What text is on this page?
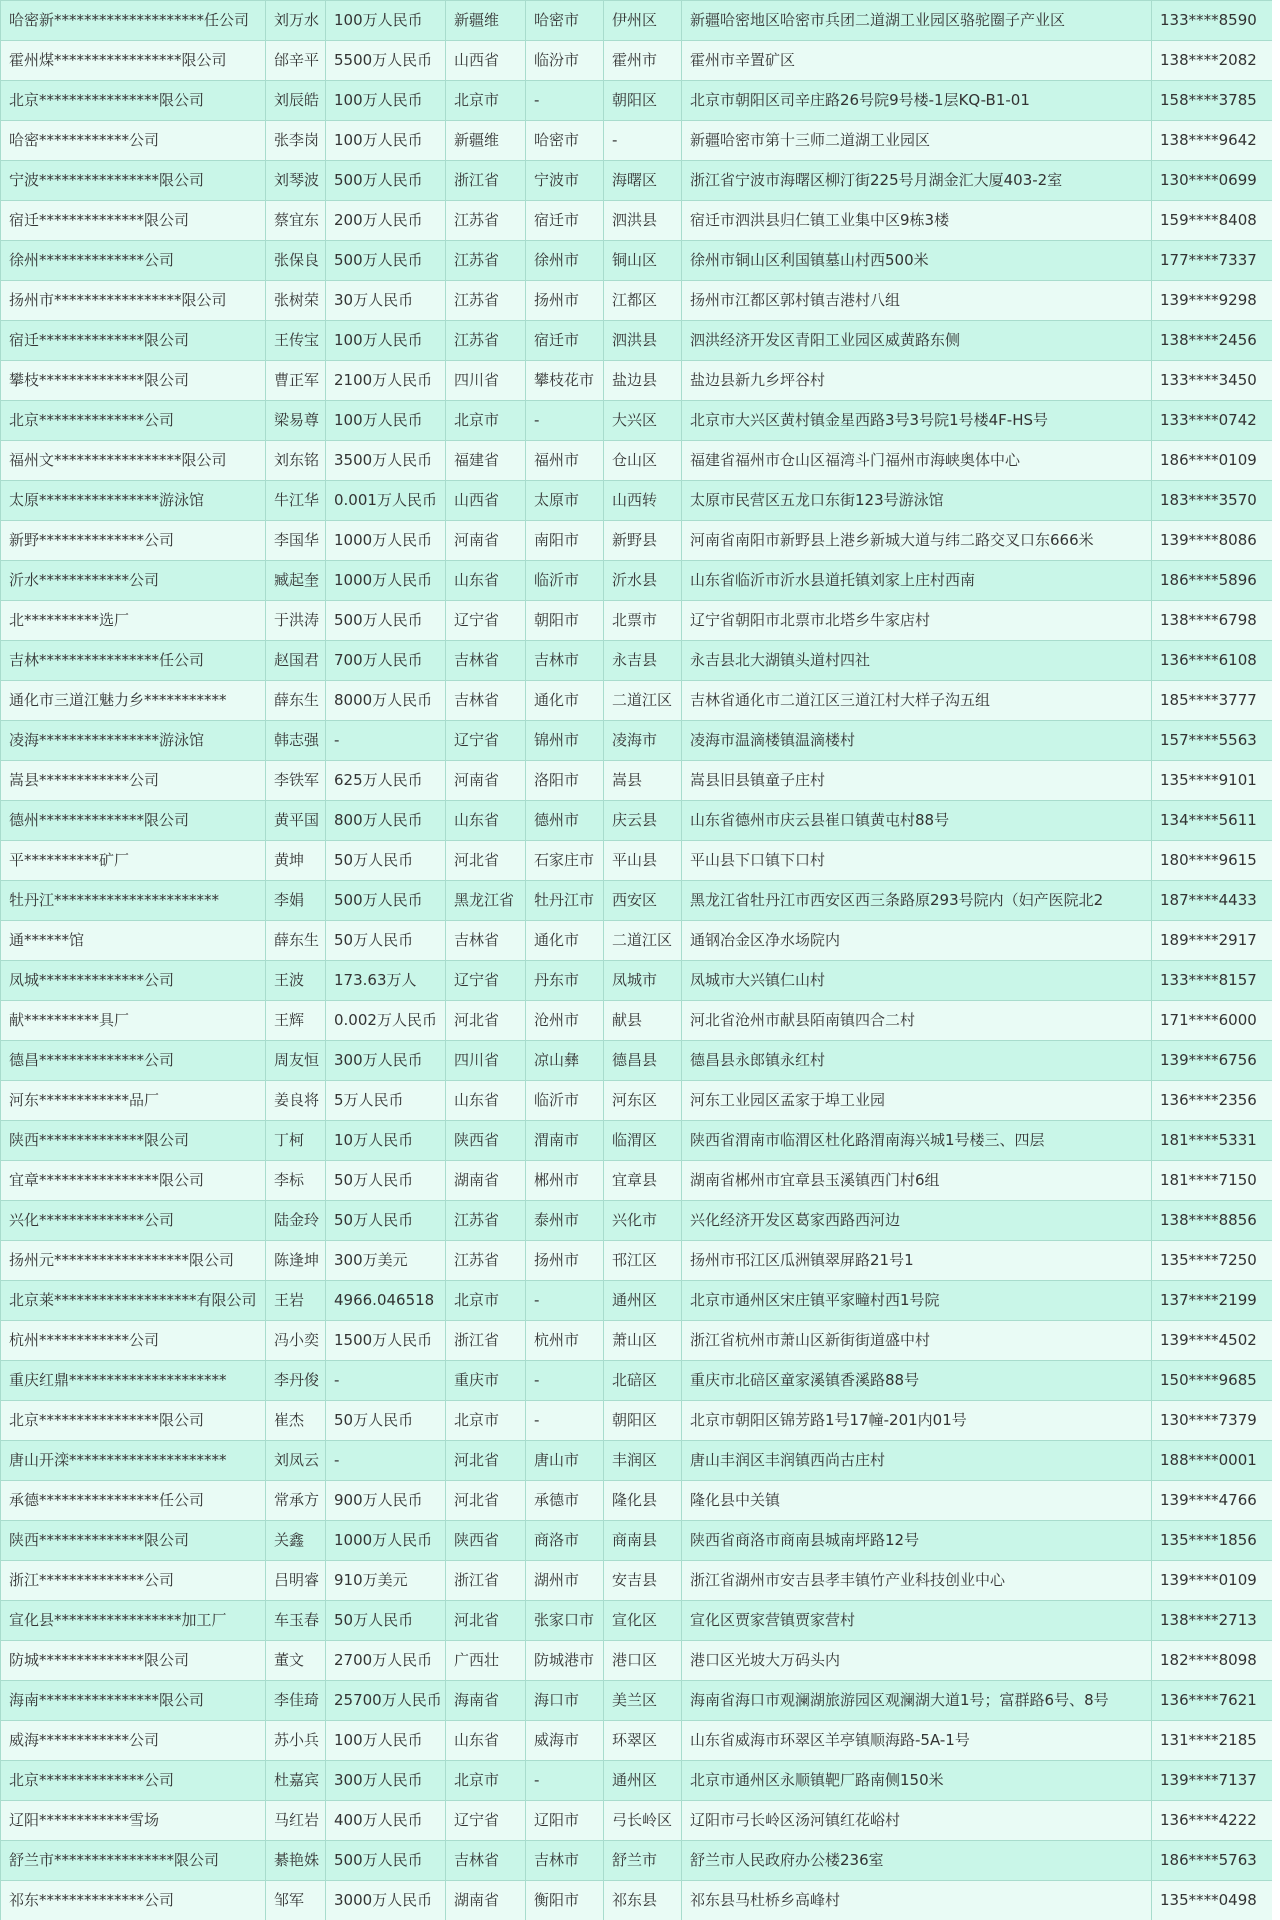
哈密新********************任公司	刘万水	100万人民币	新疆维	哈密市	伊州区	新疆哈密地区哈密市兵团二道湖工业园区骆驼圈子产业区	133****8590
霍州煤*****************限公司	邰辛平	5500万人民币	山西省	临汾市	霍州市	霍州市辛置矿区	138****2082
北京****************限公司	刘辰皓	100万人民币	北京市	-	朝阳区	北京市朝阳区司辛庄路26号院9号楼-1层KQ-B1-01	158****3785
哈密************公司	张李岗	100万人民币	新疆维	哈密市	-	新疆哈密市第十三师二道湖工业园区	138****9642
宁波****************限公司	刘琴波	500万人民币	浙江省	宁波市	海曙区	浙江省宁波市海曙区柳汀街225号月湖金汇大厦403-2室	130****0699
宿迁**************限公司	蔡宜东	200万人民币	江苏省	宿迁市	泗洪县	宿迁市泗洪县归仁镇工业集中区9栋3楼	159****8408
徐州**************公司	张保良	500万人民币	江苏省	徐州市	铜山区	徐州市铜山区利国镇墓山村西500米	177****7337
扬州市*****************限公司	张树荣	30万人民币	江苏省	扬州市	江都区	扬州市江都区郭村镇吉港村八组	139****9298
宿迁**************限公司	王传宝	100万人民币	江苏省	宿迁市	泗洪县	泗洪经济开发区青阳工业园区威黄路东侧	138****2456
攀枝**************限公司	曹正军	2100万人民币	四川省	攀枝花市	盐边县	盐边县新九乡坪谷村	133****3450
北京**************公司	梁易尊	100万人民币	北京市	-	大兴区	北京市大兴区黄村镇金星西路3号3号院1号楼4F-HS号	133****0742
福州文*****************限公司	刘东铭	3500万人民币	福建省	福州市	仓山区	福建省福州市仓山区福湾斗门福州市海峡奥体中心	186****0109
太原****************游泳馆	牛江华	0.001万人民币	山西省	太原市	山西转	太原市民营区五龙口东街123号游泳馆	183****3570
新野**************公司	李国华	1000万人民币	河南省	南阳市	新野县	河南省南阳市新野县上港乡新城大道与纬二路交叉口东666米	139****8086
沂水************公司	臧起奎	1000万人民币	山东省	临沂市	沂水县	山东省临沂市沂水县道托镇刘家上庄村西南	186****5896
北**********选厂	于洪涛	500万人民币	辽宁省	朝阳市	北票市	辽宁省朝阳市北票市北塔乡牛家店村	138****6798
吉林****************任公司	赵国君	700万人民币	吉林省	吉林市	永吉县	永吉县北大湖镇头道村四社	136****6108
通化市三道江魅力乡***********	薛东生	8000万人民币	吉林省	通化市	二道江区	吉林省通化市二道江区三道江村大样子沟五组	185****3777
凌海****************游泳馆	韩志强	-	辽宁省	锦州市	凌海市	凌海市温滴楼镇温滴楼村	157****5563
嵩县************公司	李铁军	625万人民币	河南省	洛阳市	嵩县	嵩县旧县镇童子庄村	135****9101
德州**************限公司	黄平国	800万人民币	山东省	德州市	庆云县	山东省德州市庆云县崔口镇黄屯村88号	134****5611
平**********矿厂	黄坤	50万人民币	河北省	石家庄市	平山县	平山县下口镇下口村	180****9615
牡丹江**********************	李娟	500万人民币	黑龙江省	牡丹江市	西安区	黑龙江省牡丹江市西安区西三条路原293号院内（妇产医院北2	187****4433
通******馆	薛东生	50万人民币	吉林省	通化市	二道江区	通钢冶金区净水场院内	189****2917
凤城**************公司	王波	173.63万人	辽宁省	丹东市	凤城市	凤城市大兴镇仁山村	133****8157
献**********具厂	王辉	0.002万人民币	河北省	沧州市	献县	河北省沧州市献县陌南镇四合二村	171****6000
德昌**************公司	周友恒	300万人民币	四川省	凉山彝	德昌县	德昌县永郎镇永红村	139****6756
河东************品厂	姜良将	5万人民币	山东省	临沂市	河东区	河东工业园区孟家于埠工业园	136****2356
陕西**************限公司	丁柯	10万人民币	陕西省	渭南市	临渭区	陕西省渭南市临渭区杜化路渭南海兴城1号楼三、四层	181****5331
宜章****************限公司	李标	50万人民币	湖南省	郴州市	宜章县	湖南省郴州市宜章县玉溪镇西门村6组	181****7150
兴化**************公司	陆金玲	50万人民币	江苏省	泰州市	兴化市	兴化经济开发区葛家西路西河边	138****8856
扬州元******************限公司	陈逢坤	300万美元	江苏省	扬州市	邗江区	扬州市邗江区瓜洲镇翠屏路21号1	135****7250
北京莱*******************有限公司	王岩	4966.046518	北京市	-	通州区	北京市通州区宋庄镇平家疃村西1号院	137****2199
杭州************公司	冯小奕	1500万人民币	浙江省	杭州市	萧山区	浙江省杭州市萧山区新街街道盛中村	139****4502
重庆红鼎*********************	李丹俊	-	重庆市	-	北碚区	重庆市北碚区童家溪镇香溪路88号	150****9685
北京****************限公司	崔杰	50万人民币	北京市	-	朝阳区	北京市朝阳区锦芳路1号17幢-201内01号	130****7379
唐山开滦*********************	刘凤云	-	河北省	唐山市	丰润区	唐山丰润区丰润镇西尚古庄村	188****0001
承德****************任公司	常承方	900万人民币	河北省	承德市	隆化县	隆化县中关镇	139****4766
陕西**************限公司	关鑫	1000万人民币	陕西省	商洛市	商南县	陕西省商洛市商南县城南坪路12号	135****1856
浙江**************公司	吕明睿	910万美元	浙江省	湖州市	安吉县	浙江省湖州市安吉县孝丰镇竹产业科技创业中心	139****0109
宣化县*****************加工厂	车玉春	50万人民币	河北省	张家口市	宣化区	宣化区贾家营镇贾家营村	138****2713
防城**************限公司	董文	2700万人民币	广西壮	防城港市	港口区	港口区光坡大万码头内	182****8098
海南****************限公司	李佳琦	25700万人民币	海南省	海口市	美兰区	海南省海口市观澜湖旅游园区观澜湖大道1号；富群路6号、8号	136****7621
威海************公司	苏小兵	100万人民币	山东省	威海市	环翠区	山东省威海市环翠区羊亭镇顺海路-5A-1号	131****2185
北京**************公司	杜嘉宾	300万人民币	北京市	-	通州区	北京市通州区永顺镇靶厂路南侧150米	139****7137
辽阳************雪场	马红岩	400万人民币	辽宁省	辽阳市	弓长岭区	辽阳市弓长岭区汤河镇红花峪村	136****4222
舒兰市****************限公司	綦艳姝	500万人民币	吉林省	吉林市	舒兰市	舒兰市人民政府办公楼236室	186****5763
祁东**************公司	邹军	3000万人民币	湖南省	衡阳市	祁东县	祁东县马杜桥乡高峰村	135****0498
